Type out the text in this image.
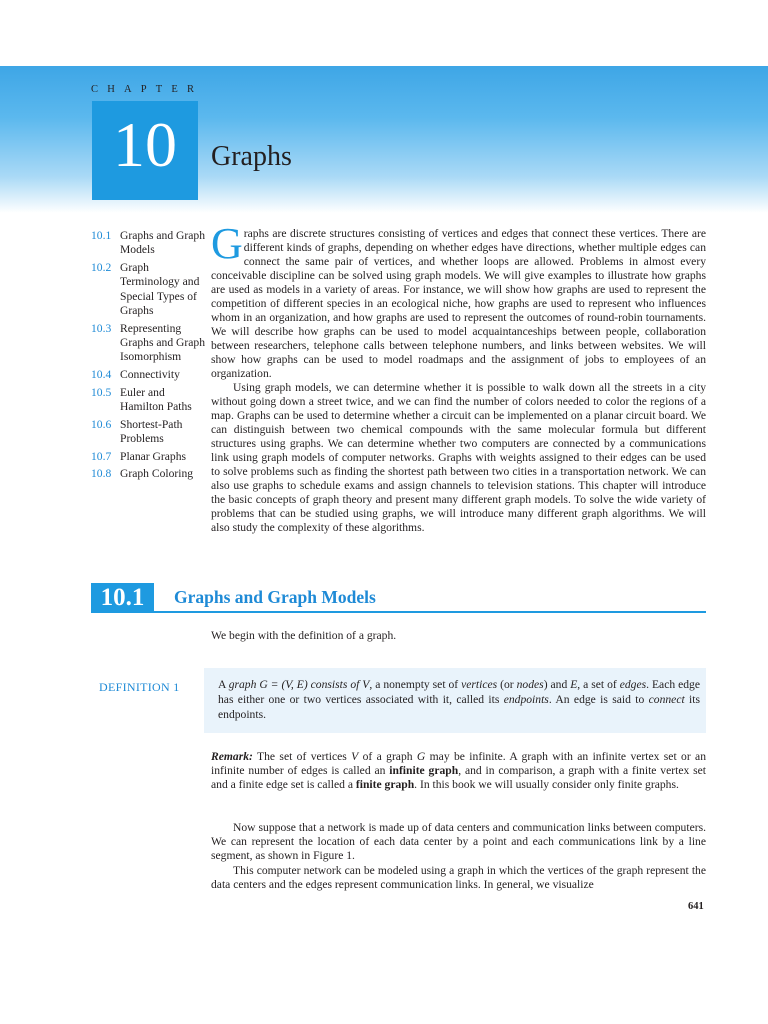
CHAPTER
10	Graphs
10.1 Graphs and Graph Models
10.2 Graph Terminology and Special Types of Graphs
10.3 Representing Graphs and Graph Isomorphism
10.4 Connectivity
10.5 Euler and Hamilton Paths
10.6 Shortest-Path Problems
10.7 Planar Graphs
10.8 Graph Coloring

Graphs are discrete structures consisting of vertices and edges that connect these vertices. There are different kinds of graphs, depending on whether edges have directions, whether multiple edges can connect the same pair of vertices, and whether loops are allowed. Problems in almost every conceivable discipline can be solved using graph models. We will give examples to illustrate how graphs are used as models in a variety of areas. For instance, we will show how graphs are used to represent the competition of different species in an ecological niche, how graphs are used to represent who influences whom in an organization, and how graphs are used to represent the outcomes of round-robin tournaments. We will describe how graphs can be used to model acquaintanceships between people, collaboration between researchers, telephone calls between telephone numbers, and links between websites. We will show how graphs can be used to model roadmaps and the assignment of jobs to employees of an organization.

Using graph models, we can determine whether it is possible to walk down all the streets in a city without going down a street twice, and we can find the number of colors needed to color the regions of a map. Graphs can be used to determine whether a circuit can be implemented on a planar circuit board. We can distinguish between two chemical compounds with the same molecular formula but different structures using graphs. We can determine whether two computers are connected by a communications link using graph models of computer networks. Graphs with weights assigned to their edges can be used to solve problems such as finding the shortest path between two cities in a transportation network. We can also use graphs to schedule exams and assign channels to television stations. This chapter will introduce the basic concepts of graph theory and present many different graph models. To solve the wide variety of problems that can be studied using graphs, we will introduce many different graph algorithms. We will also study the complexity of these algorithms.

10.1	Graphs and Graph Models
We begin with the definition of a graph.
DEFINITION 1	A graph G = (V, E) consists of V, a nonempty set of vertices (or nodes) and E, a set of edges. Each edge has either one or two vertices associated with it, called its endpoints. An edge is said to connect its endpoints.
Remark: The set of vertices V of a graph G may be infinite. A graph with an infinite vertex set or an infinite number of edges is called an infinite graph, and in comparison, a graph with a finite vertex set and a finite edge set is called a finite graph. In this book we will usually consider only finite graphs.
Now suppose that a network is made up of data centers and communication links between computers. We can represent the location of each data center by a point and each communications link by a line segment, as shown in Figure 1.
This computer network can be modeled using a graph in which the vertices of the graph represent the data centers and the edges represent communication links. In general, we visualize
641
